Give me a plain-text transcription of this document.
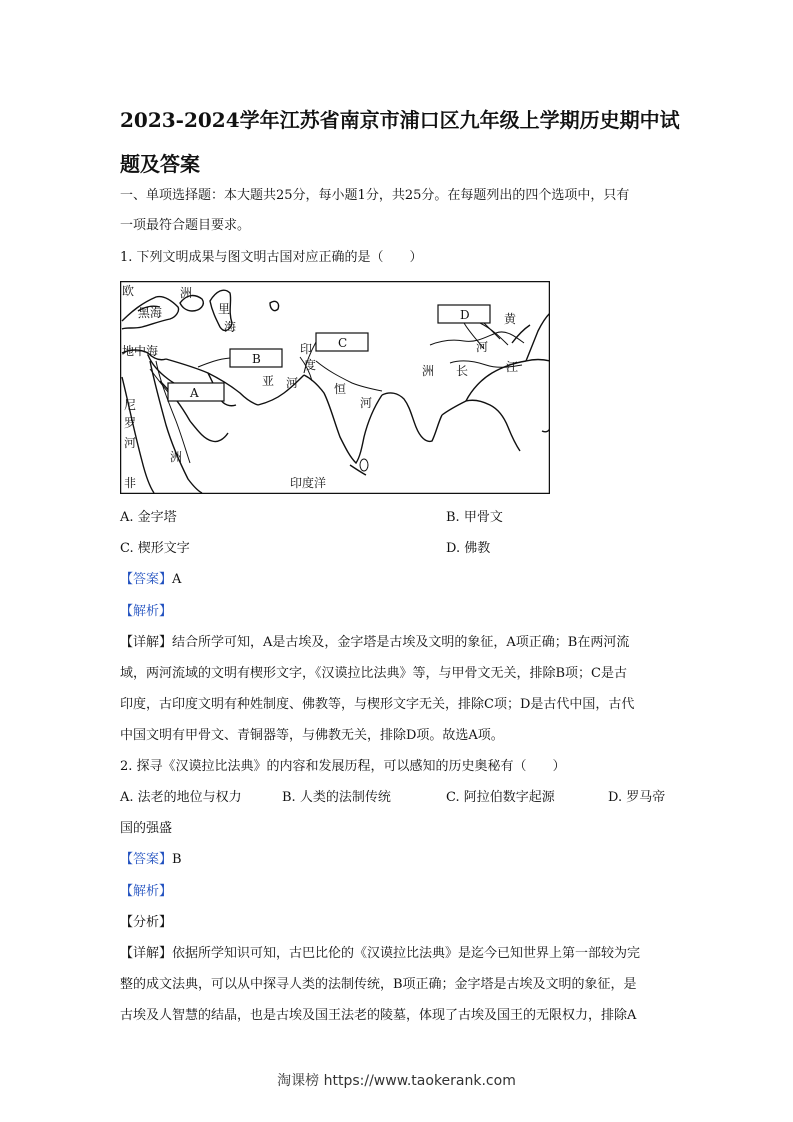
2023-2024学年江苏省南京市浦口区九年级上学期历史期中试题及答案

一、单项选择题：本大题共25分，每小题1分，共25分。在每题列出的四个选项中，只有

一项最符合题目要求。

1. 下列文明成果与图文明古国对应正确的是（　　）

欧	洲
黑海	里
海
地中海
A
B
C
D
亚
印
度
河	恒
河
黄
河
洲 长	江
尼
罗
河
洲
非	印度洋

A. 金字塔	B. 甲骨文

C. 楔形文字	D. 佛教

【答案】A

【解析】

【详解】结合所学可知，A是古埃及，金字塔是古埃及文明的象征，A项正确；B在两河流

域，两河流域的文明有楔形文字，《汉谟拉比法典》等，与甲骨文无关，排除B项；C是古

印度，古印度文明有种姓制度、佛教等，与楔形文字无关，排除C项；D是古代中国，古代

中国文明有甲骨文、青铜器等，与佛教无关，排除D项。故选A项。

2. 探寻《汉谟拉比法典》的内容和发展历程，可以感知的历史奥秘有（　　）

A. 法老的地位与权力	B. 人类的法制传统	C. 阿拉伯数字起源	D. 罗马帝

国的强盛

【答案】B

【解析】

【分析】

【详解】依据所学知识可知，古巴比伦的《汉谟拉比法典》是迄今已知世界上第一部较为完

整的成文法典，可以从中探寻人类的法制传统，B项正确；金字塔是古埃及文明的象征，是

古埃及人智慧的结晶，也是古埃及国王法老的陵墓，体现了古埃及国王的无限权力，排除A

淘课榜 https://www.taokerank.com
